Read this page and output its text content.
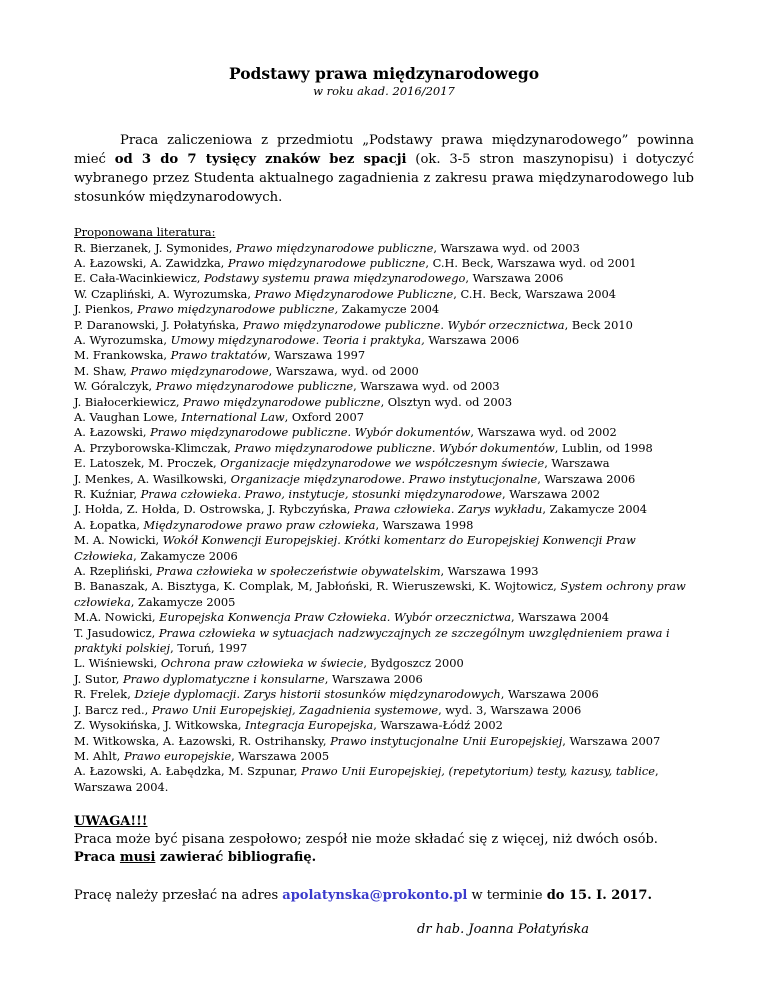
Podstawy prawa międzynarodowego

w roku akad. 2016/2017

Praca zaliczeniowa z przedmiotu „Podstawy prawa międzynarodowego” powinna mieć od 3 do 7 tysięcy znaków bez spacji (ok. 3-5 stron maszynopisu) i dotyczyć wybranego przez Studenta aktualnego zagadnienia z zakresu prawa międzynarodowego lub stosunków międzynarodowych.

Proponowana literatura:
R. Bierzanek, J. Symonides, Prawo międzynarodowe publiczne, Warszawa wyd. od 2003
A. Łazowski, A. Zawidzka, Prawo międzynarodowe publiczne, C.H. Beck, Warszawa wyd. od 2001
E. Cała-Wacinkiewicz, Podstawy systemu prawa międzynarodowego, Warszawa 2006
W. Czapliński, A. Wyrozumska, Prawo Międzynarodowe Publiczne, C.H. Beck, Warszawa 2004
J. Pienkos, Prawo międzynarodowe publiczne, Zakamycze 2004
P. Daranowski, J. Połatyńska, Prawo międzynarodowe publiczne. Wybór orzecznictwa, Beck 2010
A. Wyrozumska, Umowy międzynarodowe. Teoria i praktyka, Warszawa 2006
M. Frankowska, Prawo traktatów, Warszawa 1997
M. Shaw, Prawo międzynarodowe, Warszawa, wyd. od 2000
W. Góralczyk, Prawo międzynarodowe publiczne, Warszawa wyd. od 2003
J. Białocerkiewicz, Prawo międzynarodowe publiczne, Olsztyn wyd. od 2003
A. Vaughan Lowe, International Law, Oxford 2007
A. Łazowski, Prawo międzynarodowe publiczne. Wybór dokumentów, Warszawa wyd. od 2002
A. Przyborowska-Klimczak, Prawo międzynarodowe publiczne. Wybór dokumentów, Lublin, od 1998
E. Latoszek, M. Proczek, Organizacje międzynarodowe we współczesnym świecie, Warszawa
J. Menkes, A. Wasilkowski, Organizacje międzynarodowe. Prawo instytucjonalne, Warszawa 2006
R. Kuźniar, Prawa człowieka. Prawo, instytucje, stosunki międzynarodowe, Warszawa 2002
J. Hołda, Z. Hołda, D. Ostrowska, J. Rybczyńska, Prawa człowieka. Zarys wykładu, Zakamycze 2004
A. Łopatka, Międzynarodowe prawo praw człowieka, Warszawa 1998
M. A. Nowicki, Wokół Konwencji Europejskiej. Krótki komentarz do Europejskiej Konwencji Praw Człowieka, Zakamycze 2006
A. Rzepliński, Prawa człowieka w społeczeństwie obywatelskim, Warszawa 1993
B. Banaszak, A. Bisztyga, K. Complak, M, Jabłoński, R. Wieruszewski, K. Wojtowicz, System ochrony praw człowieka, Zakamycze 2005
M.A. Nowicki, Europejska Konwencja Praw Człowieka. Wybór orzecznictwa, Warszawa 2004
T. Jasudowicz, Prawa człowieka w sytuacjach nadzwyczajnych ze szczególnym uwzględnieniem prawa i praktyki polskiej, Toruń, 1997
L. Wiśniewski, Ochrona praw człowieka w świecie, Bydgoszcz 2000
J. Sutor, Prawo dyplomatyczne i konsularne, Warszawa 2006
R. Frelek, Dzieje dyplomacji. Zarys historii stosunków międzynarodowych, Warszawa 2006
J. Barcz red., Prawo Unii Europejskiej, Zagadnienia systemowe, wyd. 3, Warszawa 2006
Z. Wysokińska, J. Witkowska, Integracja Europejska, Warszawa-Łódź 2002
M. Witkowska, A. Łazowski, R. Ostrihansky, Prawo instytucjonalne Unii Europejskiej, Warszawa 2007
M. Ahlt, Prawo europejskie, Warszawa 2005
A. Łazowski, A. Łabędzka, M. Szpunar, Prawo Unii Europejskiej, (repetytorium) testy, kazusy, tablice, Warszawa 2004.
UWAGA!!!
Praca może być pisana zespołowo; zespół nie może składać się z więcej, niż dwóch osób.
Praca musi zawierać bibliografię.
Pracę należy przesłać na adres apolatynska@prokonto.pl w terminie do 15. I. 2017.
dr hab. Joanna Połatyńska
